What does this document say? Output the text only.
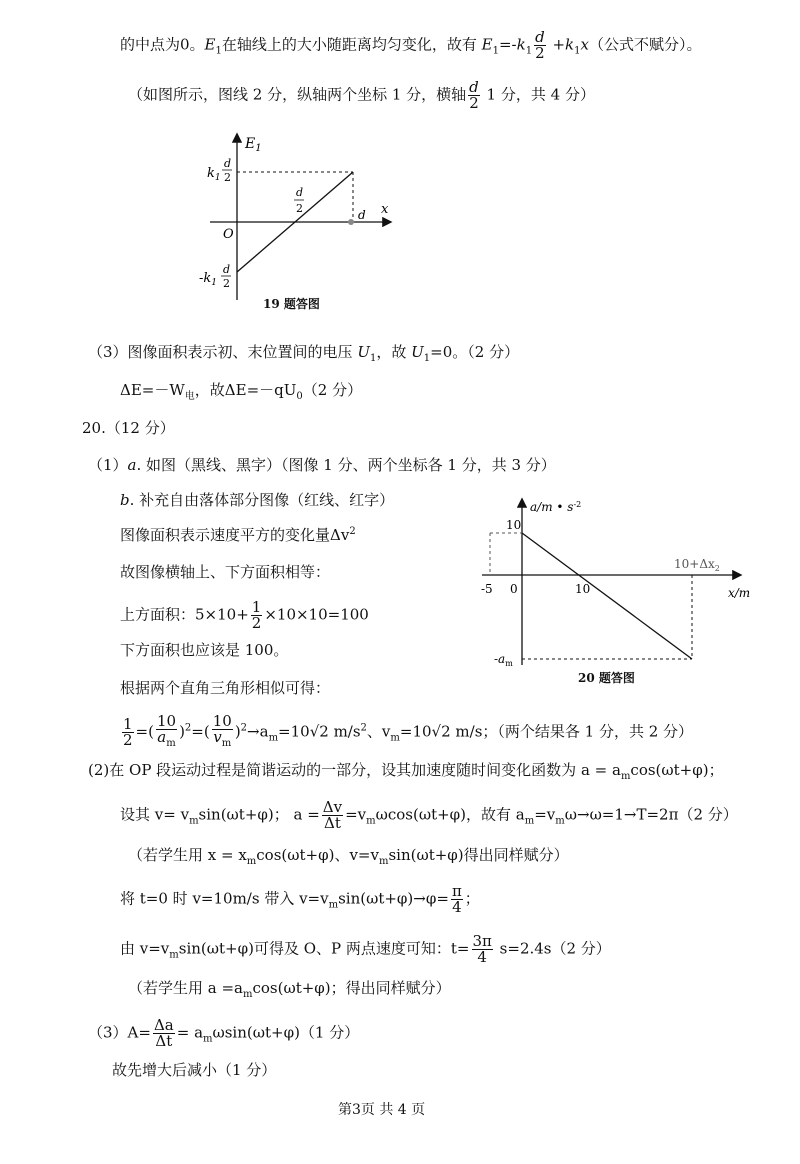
的中点为0。$E_1$在轴线上的大小随距离均匀变化，故有 $E_1=-k_1 \frac{d}{2} +k_1x$（公式不赋分）。
（如图所示，图线 2 分，纵轴两个坐标 1 分，横轴 $\frac{d}{2} 1$ 分，共 4 分）
$E_1$
x
O
$k_1$
d
2
$-k_1$
d
2
d
2	d
19 题答图
（3）图像面积表示初、末位置间的电压 $U_1$，故 $U_1=0$。（2 分）
$\Delta E=-W_电$，故$\Delta E=-qU_0(2$ 分）
20.（12 分）
（1）a. 如图（黑线、黑字）（图像 1 分、两个坐标各 1 分，共 3 分）
b. 补充自由落体部分图像（红线、红字）
图像面积表示速度平方的变化量$\Delta v^2$
故图像横轴上、下方面积相等：
上方面积：$5\times 10+ \frac{1}{2} \times 10\times 10=100$
下方面积也应该是 100。
根据两个直角三角形相似可得：
$\frac{1}{2}$ =( $\frac{10}{a_m} )^2=( \frac{10}{v_m} )^2\to a_m=10√2$ $m/s^2$、$v_m=10√2$ m/s；（两个结果各 1 分，共 2 分）
a/m • $s^{-2}$
10
-5 0	10
$10+\Delta x_2$
x/m
$-a_m$
20 题答图
(2)在 OP 段运动过程是简谐运动的一部分，设其加速度随时间变化函数为 $a = a_m\cos(\omega t+\varphi)$；
设其 $v= v_m\sin(\omega t+\varphi)$； $a = \frac{\Delta v}{\Delta t} =v_m\omega\cos(\omega t+\varphi)$，故有 $a_m=v_m\omega\to\omega=1\to T=2\pi(2$ 分）
（若学生用 $x = x_m\cos(\omega t+\varphi)$、$v=v_m\sin(\omega t+\varphi)$得出同样赋分）
将 t=0 时 v=10m/s 带入 $v=v_m\sin(\omega t+\varphi)\to\varphi= \frac{\pi}{4}$ ；
由 $v=v_m\sin(\omega t+\varphi)$可得及 O、P 两点速度可知：$t= \frac{3\pi}{4} s=2.4s(2$ 分）
（若学生用 $a =a_m\cos(\omega t+\varphi)$；得出同样赋分）
$(3)A= \frac{\Delta a}{\Delta t} = a_m\omega\sin(\omega t+\varphi)(1$ 分）
故先增大后减小（1 分）
第3页 共 4 页
